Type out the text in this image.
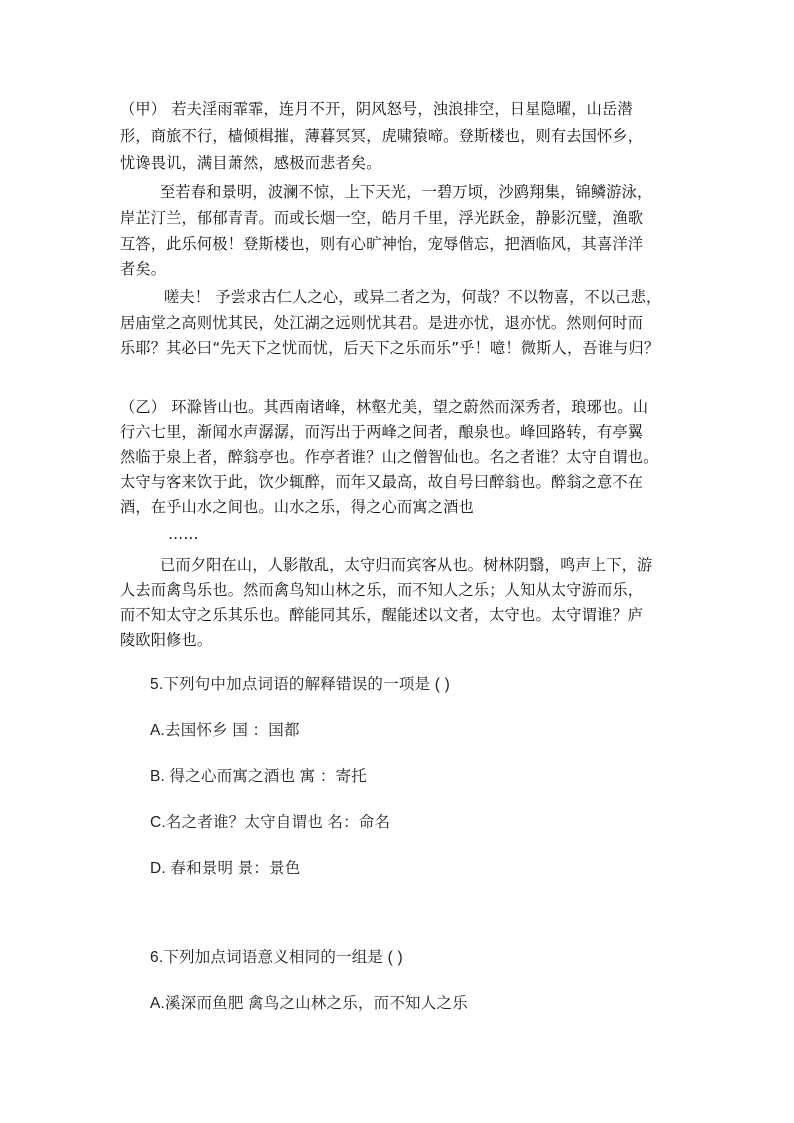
（甲） 若夫淫雨霏霏，连月不开，阴风怒号，浊浪排空，日星隐曜，山岳潜
形，商旅不行，樯倾楫摧，薄暮冥冥，虎啸猿啼。登斯楼也，则有去国怀乡，
忧谗畏讥，满目萧然，感极而悲者矣。
至若春和景明，波澜不惊，上下天光，一碧万顷，沙鸥翔集，锦鳞游泳，
岸芷汀兰，郁郁青青。而或长烟一空，皓月千里，浮光跃金，静影沉璧，渔歌
互答，此乐何极！登斯楼也，则有心旷神怡，宠辱偕忘，把酒临风，其喜洋洋
者矣。
嗟夫！ 予尝求古仁人之心，或异二者之为，何哉？不以物喜，不以己悲，
居庙堂之高则忧其民，处江湖之远则忧其君。是进亦忧，退亦忧。然则何时而
乐耶？其必曰“先天下之忧而忧，后天下之乐而乐”乎！噫！微斯人，吾谁与归？
（乙） 环滁皆山也。其西南诸峰，林壑尤美，望之蔚然而深秀者，琅琊也。山
行六七里，渐闻水声潺潺，而泻出于两峰之间者，酿泉也。峰回路转，有亭翼
然临于泉上者，醉翁亭也。作亭者谁？山之僧智仙也。名之者谁？太守自谓也。
太守与客来饮于此，饮少辄醉，而年又最高，故自号曰醉翁也。醉翁之意不在
酒，在乎山水之间也。山水之乐，得之心而寓之酒也
……
已而夕阳在山，人影散乱，太守归而宾客从也。树林阴翳，鸣声上下，游
人去而禽鸟乐也。然而禽鸟知山林之乐，而不知人之乐；人知从太守游而乐，
而不知太守之乐其乐也。醉能同其乐，醒能述以文者，太守也。太守谓谁？庐
陵欧阳修也。
5.下列句中加点词语的解释错误的一项是 ( )
A.去国怀乡 国 ：国都
B. 得之心而寓之酒也 寓 ：寄托
C.名之者谁？太守自谓也 名：命名
D. 春和景明 景：景色
6.下列加点词语意义相同的一组是 ( )
A.溪深而鱼肥 禽鸟之山林之乐，而不知人之乐
